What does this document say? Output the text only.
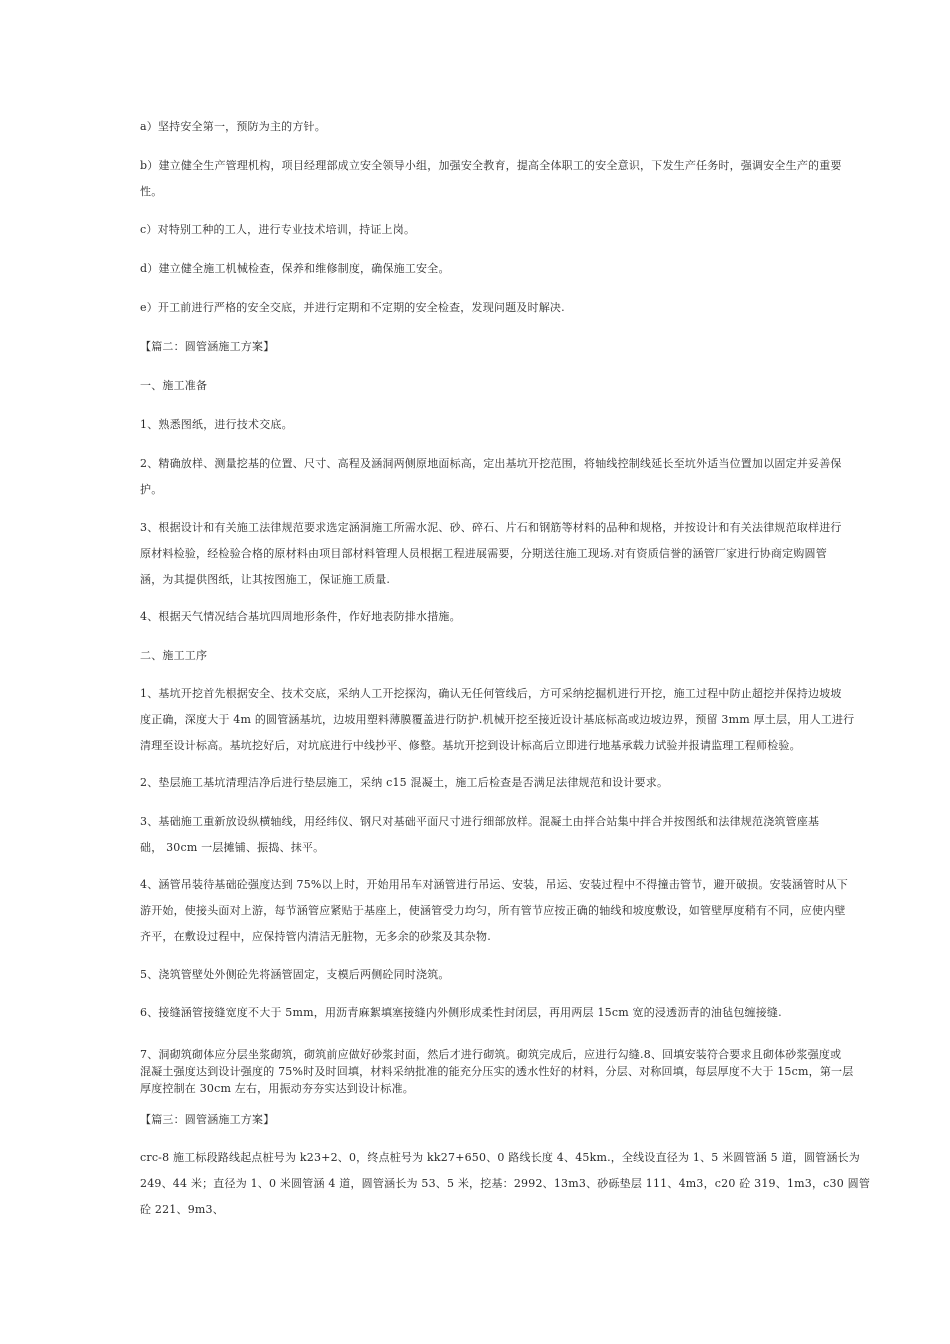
a）坚持安全第一，预防为主的方针。
b）建立健全生产管理机构，项目经理部成立安全领导小组，加强安全教育，提高全体职工的安全意识，下发生产任务时，强调安全生产的重要
性。
c）对特别工种的工人，进行专业技术培训，持证上岗。
d）建立健全施工机械检查，保养和维修制度，确保施工安全。
e）开工前进行严格的安全交底，并进行定期和不定期的安全检查，发现问题及时解决.
【篇二：圆管涵施工方案】
一、施工准备
1、熟悉图纸，进行技术交底。
2、精确放样、测量挖基的位置、尺寸、高程及涵洞两侧原地面标高，定出基坑开挖范围，将轴线控制线延长至坑外适当位置加以固定并妥善保
护。
3、根据设计和有关施工法律规范要求选定涵洞施工所需水泥、砂、碎石、片石和钢筋等材料的品种和规格，并按设计和有关法律规范取样进行
原材料检验，经检验合格的原材料由项目部材料管理人员根据工程进展需要，分期送往施工现场.对有资质信誉的涵管厂家进行协商定购圆管
涵，为其提供图纸，让其按图施工，保证施工质量.
4、根据天气情况结合基坑四周地形条件，作好地表防排水措施。
二、施工工序
1、基坑开挖首先根据安全、技术交底，采纳人工开挖探沟，确认无任何管线后，方可采纳挖掘机进行开挖，施工过程中防止超挖并保持边坡坡
度正确，深度大于 4m 的圆管涵基坑，边坡用塑料薄膜覆盖进行防护.机械开挖至接近设计基底标高或边坡边界，预留 3mm 厚土层，用人工进行
清理至设计标高。基坑挖好后，对坑底进行中线抄平、修整。基坑开挖到设计标高后立即进行地基承载力试验并报请监理工程师检验。
2、垫层施工基坑清理洁净后进行垫层施工，采纳 c15 混凝土，施工后检查是否满足法律规范和设计要求。
3、基础施工重新放设纵横轴线，用经纬仪、钢尺对基础平面尺寸进行细部放样。混凝土由拌合站集中拌合并按图纸和法律规范浇筑管座基
础， 30cm 一层摊铺、振捣、抹平。
4、涵管吊装待基础砼强度达到 75%以上时，开始用吊车对涵管进行吊运、安装，吊运、安装过程中不得撞击管节，避开破损。安装涵管时从下
游开始，使接头面对上游，每节涵管应紧贴于基座上，使涵管受力均匀，所有管节应按正确的轴线和坡度敷设，如管壁厚度稍有不同，应使内壁
齐平，在敷设过程中，应保持管内清洁无脏物，无多余的砂浆及其杂物.
5、浇筑管壁处外侧砼先将涵管固定，支模后两侧砼同时浇筑。
6、接缝涵管接缝宽度不大于 5mm，用沥青麻絮填塞接缝内外侧形成柔性封闭层，再用两层 15cm 宽的浸透沥青的油毡包缠接缝.
7、洞砌筑砌体应分层坐浆砌筑，砌筑前应做好砂浆封面，然后才进行砌筑。砌筑完成后，应进行勾缝.8、回填安装符合要求且砌体砂浆强度或
混凝土强度达到设计强度的 75%时及时回填，材料采纳批准的能充分压实的透水性好的材料，分层、对称回填，每层厚度不大于 15cm，第一层
厚度控制在 30cm 左右，用振动夯夯实达到设计标准。
【篇三：圆管涵施工方案】
crc-8 施工标段路线起点桩号为 k23+2、0，终点桩号为 kk27+650、0 路线长度 4、45km.，全线设直径为 1、5 米圆管涵 5 道，圆管涵长为
249、44 米；直径为 1、0 米圆管涵 4 道，圆管涵长为 53、5 米，挖基：2992、13m3、砂砾垫层 111、4m3，c20 砼 319、1m3，c30 圆管
砼 221、9m3、
